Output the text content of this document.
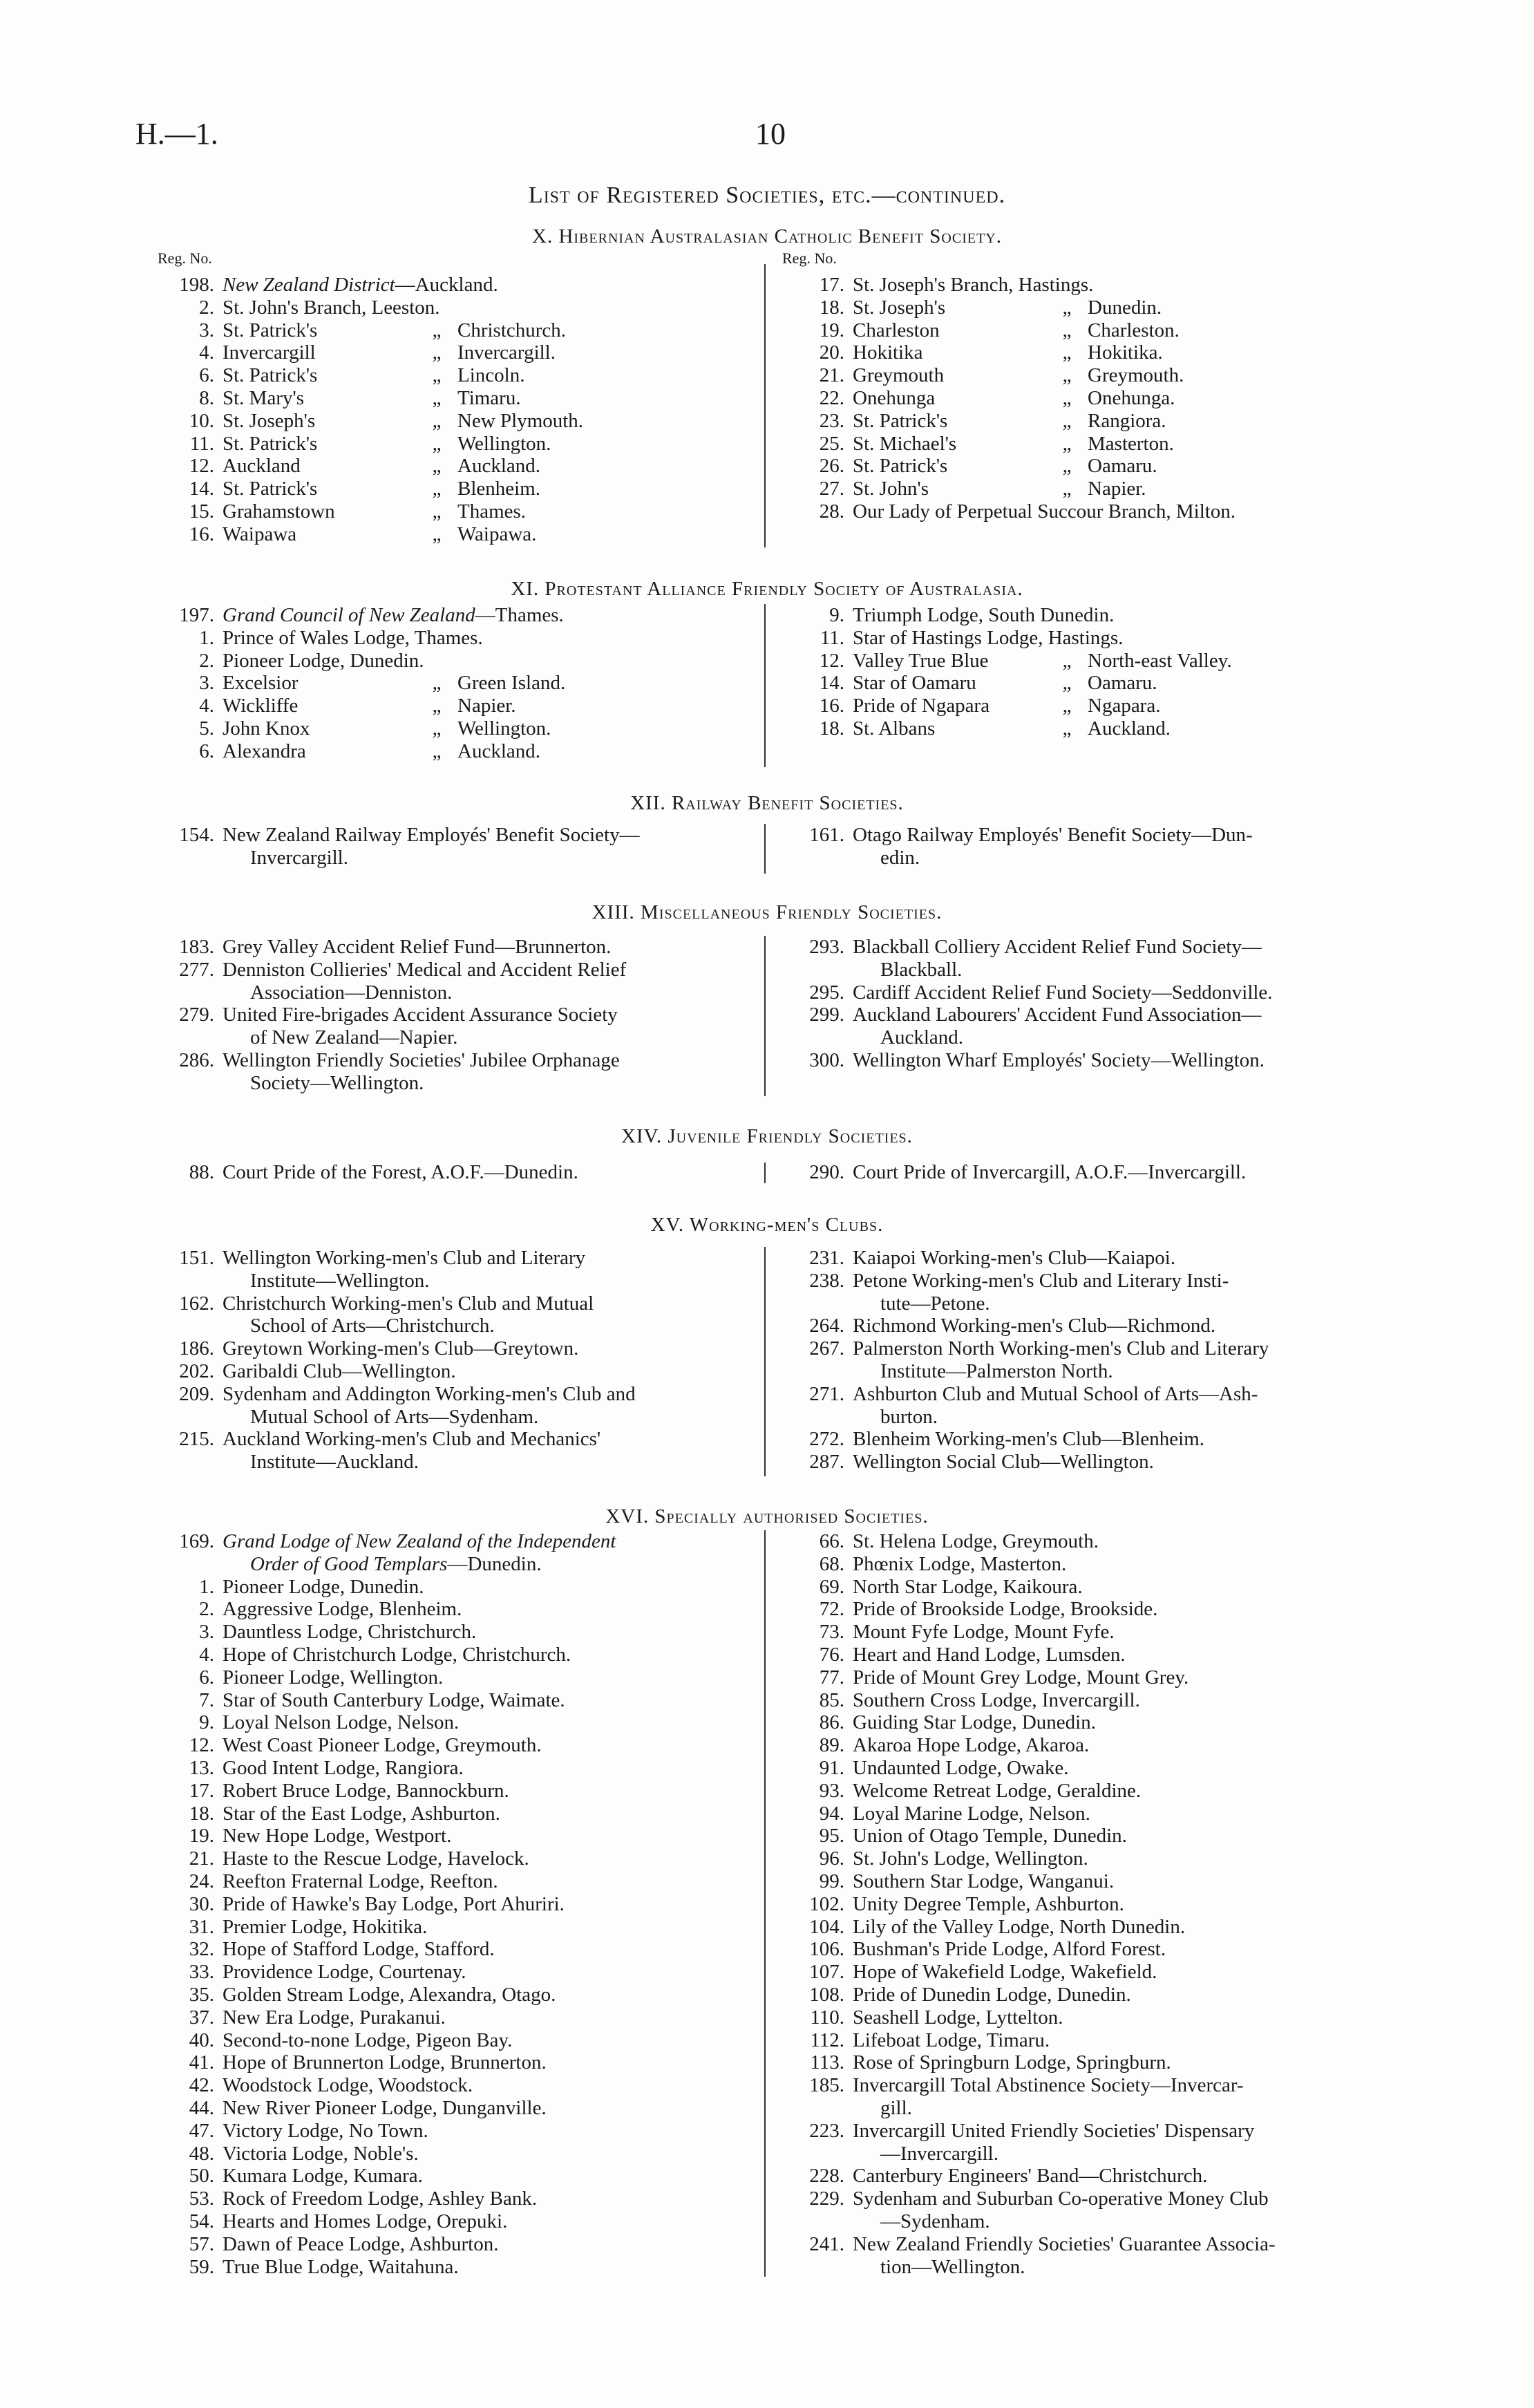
H.—1.	10
List of Registered Societies, etc.—continued.
X. Hibernian Australasian Catholic Benefit Society.
Reg. No.	Reg. No.
198. New Zealand District—Auckland.
2. St. John's Branch, Leeston.
3. St. Patrick's	„ Christchurch.
4. Invercargill	„ Invercargill.
6. St. Patrick's	„ Lincoln.
8. St. Mary's	„ Timaru.
10. St. Joseph's	„ New Plymouth.
11. St. Patrick's	„ Wellington.
12. Auckland	„ Auckland.
14. St. Patrick's	„ Blenheim.
15. Grahamstown	„ Thames.
16. Waipawa	„ Waipawa.
17. St. Joseph's Branch, Hastings.
18. St. Joseph's	„ Dunedin.
19. Charleston	„ Charleston.
20. Hokitika	„ Hokitika.
21. Greymouth	„ Greymouth.
22. Onehunga	„ Onehunga.
23. St. Patrick's	„ Rangiora.
25. St. Michael's	„ Masterton.
26. St. Patrick's	„ Oamaru.
27. St. John's	„ Napier.
28. Our Lady of Perpetual Succour Branch, Milton.
XI. Protestant Alliance Friendly Society of Australasia.
197. Grand Council of New Zealand—Thames.
1. Prince of Wales Lodge, Thames.
2. Pioneer Lodge, Dunedin.
3. Excelsior	„ Green Island.
4. Wickliffe	„ Napier.
5. John Knox	„ Wellington.
6. Alexandra	„ Auckland.
9. Triumph Lodge, South Dunedin.
11. Star of Hastings Lodge, Hastings.
12. Valley True Blue	„ North-east Valley.
14. Star of Oamaru	„ Oamaru.
16. Pride of Ngapara	„ Ngapara.
18. St. Albans	„ Auckland.
XII. Railway Benefit Societies.
154. New Zealand Railway Employés' Benefit Society—
Invercargill.
161. Otago Railway Employés' Benefit Society—Dun-
edin.
XIII. Miscellaneous Friendly Societies.
183. Grey Valley Accident Relief Fund—Brunnerton.
277. Denniston Collieries' Medical and Accident Relief
Association—Denniston.
279. United Fire-brigades Accident Assurance Society
of New Zealand—Napier.
286. Wellington Friendly Societies' Jubilee Orphanage
Society—Wellington.
293. Blackball Colliery Accident Relief Fund Society—
Blackball.
295. Cardiff Accident Relief Fund Society—Seddonville.
299. Auckland Labourers' Accident Fund Association—
Auckland.
300. Wellington Wharf Employés' Society—Wellington.
XIV. Juvenile Friendly Societies.
88. Court Pride of the Forest, A.O.F.—Dunedin.	290. Court Pride of Invercargill, A.O.F.—Invercargill.
XV. Working-men's Clubs.
151. Wellington Working-men's Club and Literary
Institute—Wellington.
162. Christchurch Working-men's Club and Mutual
School of Arts—Christchurch.
186. Greytown Working-men's Club—Greytown.
202. Garibaldi Club—Wellington.
209. Sydenham and Addington Working-men's Club and
Mutual School of Arts—Sydenham.
215. Auckland Working-men's Club and Mechanics'
Institute—Auckland.
231. Kaiapoi Working-men's Club—Kaiapoi.
238. Petone Working-men's Club and Literary Insti-
tute—Petone.
264. Richmond Working-men's Club—Richmond.
267. Palmerston North Working-men's Club and Literary
Institute—Palmerston North.
271. Ashburton Club and Mutual School of Arts—Ash-
burton.
272. Blenheim Working-men's Club—Blenheim.
287. Wellington Social Club—Wellington.
XVI. Specially authorised Societies.
169. Grand Lodge of New Zealand of the Independent
Order of Good Templars—Dunedin.
1. Pioneer Lodge, Dunedin.
2. Aggressive Lodge, Blenheim.
3. Dauntless Lodge, Christchurch.
4. Hope of Christchurch Lodge, Christchurch.
6. Pioneer Lodge, Wellington.
7. Star of South Canterbury Lodge, Waimate.
9. Loyal Nelson Lodge, Nelson.
12. West Coast Pioneer Lodge, Greymouth.
13. Good Intent Lodge, Rangiora.
17. Robert Bruce Lodge, Bannockburn.
18. Star of the East Lodge, Ashburton.
19. New Hope Lodge, Westport.
21. Haste to the Rescue Lodge, Havelock.
24. Reefton Fraternal Lodge, Reefton.
30. Pride of Hawke's Bay Lodge, Port Ahuriri.
31. Premier Lodge, Hokitika.
32. Hope of Stafford Lodge, Stafford.
33. Providence Lodge, Courtenay.
35. Golden Stream Lodge, Alexandra, Otago.
37. New Era Lodge, Purakanui.
40. Second-to-none Lodge, Pigeon Bay.
41. Hope of Brunnerton Lodge, Brunnerton.
42. Woodstock Lodge, Woodstock.
44. New River Pioneer Lodge, Dunganville.
47. Victory Lodge, No Town.
48. Victoria Lodge, Noble's.
50. Kumara Lodge, Kumara.
53. Rock of Freedom Lodge, Ashley Bank.
54. Hearts and Homes Lodge, Orepuki.
57. Dawn of Peace Lodge, Ashburton.
59. True Blue Lodge, Waitahuna.
66. St. Helena Lodge, Greymouth.
68. Phœnix Lodge, Masterton.
69. North Star Lodge, Kaikoura.
72. Pride of Brookside Lodge, Brookside.
73. Mount Fyfe Lodge, Mount Fyfe.
76. Heart and Hand Lodge, Lumsden.
77. Pride of Mount Grey Lodge, Mount Grey.
85. Southern Cross Lodge, Invercargill.
86. Guiding Star Lodge, Dunedin.
89. Akaroa Hope Lodge, Akaroa.
91. Undaunted Lodge, Owake.
93. Welcome Retreat Lodge, Geraldine.
94. Loyal Marine Lodge, Nelson.
95. Union of Otago Temple, Dunedin.
96. St. John's Lodge, Wellington.
99. Southern Star Lodge, Wanganui.
102. Unity Degree Temple, Ashburton.
104. Lily of the Valley Lodge, North Dunedin.
106. Bushman's Pride Lodge, Alford Forest.
107. Hope of Wakefield Lodge, Wakefield.
108. Pride of Dunedin Lodge, Dunedin.
110. Seashell Lodge, Lyttelton.
112. Lifeboat Lodge, Timaru.
113. Rose of Springburn Lodge, Springburn.
185. Invercargill Total Abstinence Society—Invercar-
gill.
223. Invercargill United Friendly Societies' Dispensary
—Invercargill.
228. Canterbury Engineers' Band—Christchurch.
229. Sydenham and Suburban Co-operative Money Club
—Sydenham.
241. New Zealand Friendly Societies' Guarantee Associa-
tion—Wellington.
